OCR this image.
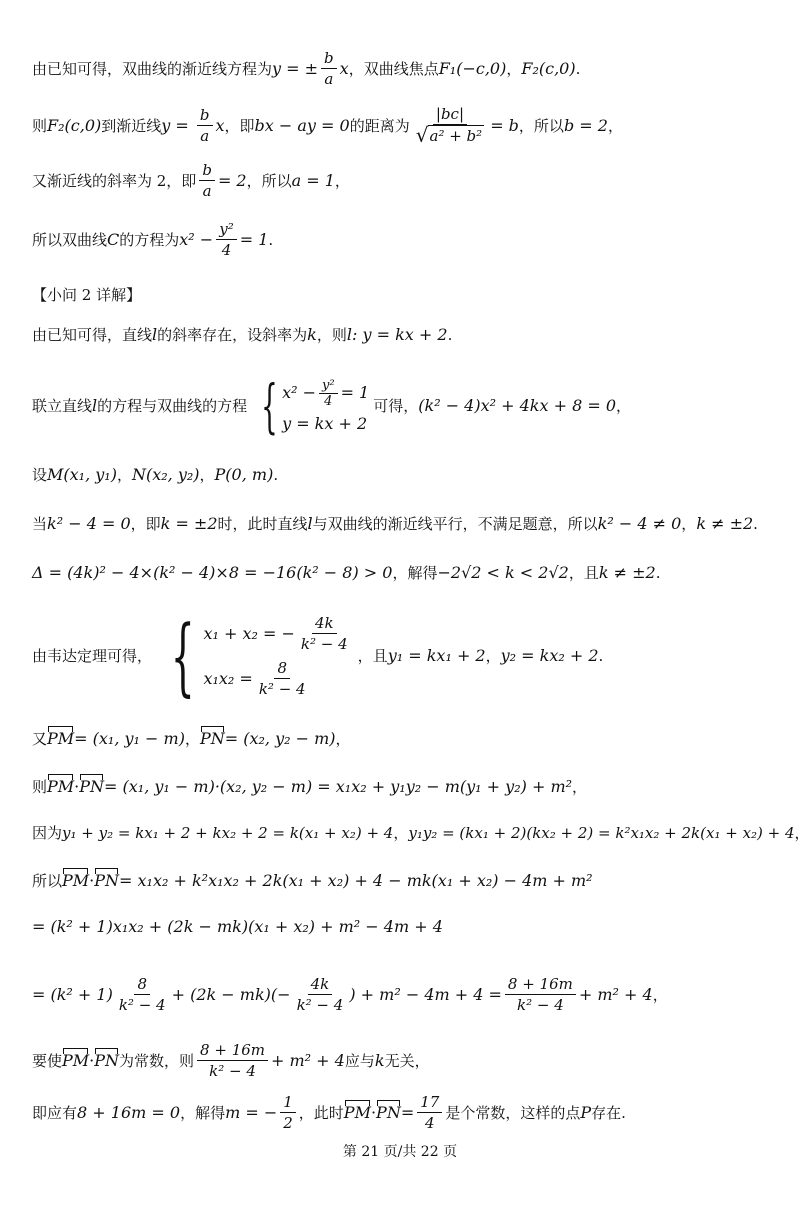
由已知可得，双曲线的渐近线方程为 y = ± $\frac{b}{a}$ x ，双曲线焦点 F₁(−c,0) ， F₂(c,0) .
则 F₂(c,0) 到渐近线 $y = \frac{b}{a}$ x ，即 bx − ay = 0 的距离为 $\frac{|bc|}{\text{√ a² + b²}} = b$ ，所以 b = 2 ，
又渐近线的斜率为 2，即 $\frac{b}{a} = 2$ ，所以 a = 1 ，
所以双曲线 C 的方程为 $x^2 - \frac{\text{y²}}{4} = 1$ .
【小问 2 详解】
由已知可得，直线 l 的斜率存在，设斜率为 k ，则 l: y = kx + 2 .
联立直线 l 的方程与双曲线的方程 { $x^2 - \frac{\text{y²}}{4} = 1$
y = kx + 2
可得， (k² − 4)x² + 4kx + 8 = 0 ，
设 M(x₁, y₁) ， N(x₂, y₂) ， P(0, m) .
当 k² − 4 = 0 ，即 k = ±2 时，此时直线 l 与双曲线的渐近线平行，不满足题意，所以 k² − 4 ≠ 0 ， k ≠ ±2 .
Δ = (4k)² − 4×(k² − 4)×8 = −16(k² − 8) > 0 ，解得 −2√2 < k < 2√2 ，且 k ≠ ±2 .
由韦达定理可得， { x₁ + x₂ = − $\frac{4k}{\text{k² − 4}}$
$x_1x_2 = \frac{8}{\text{k² − 4}}$
，且 y₁ = kx₁ + 2 ， y₂ = kx₂ + 2 .
又 PM = (x₁, y₁ − m) ， PN = (x₂, y₂ − m) ，
则 PM · PN = (x₁, y₁ − m)·(x₂, y₂ − m) = x₁x₂ + y₁y₂ − m(y₁ + y₂) + m² ，
因为 y₁ + y₂ = kx₁ + 2 + kx₂ + 2 = k(x₁ + x₂) + 4 ， y₁y₂ = (kx₁ + 2)(kx₂ + 2) = k²x₁x₂ + 2k(x₁ + x₂) + 4 ，
所以 PM · PN = x₁x₂ + k²x₁x₂ + 2k(x₁ + x₂) + 4 − mk(x₁ + x₂) − 4m + m²
= (k² + 1)x₁x₂ + (2k − mk)(x₁ + x₂) + m² − 4m + 4
= $(k^2 + 1) \frac{8}{\text{k² − 4}} + (2k - mk)(- \frac{4k}{\text{k² − 4}}$ ) + $m^2 - 4m + 4 = \frac{8 + 16m}{\text{k² − 4}} + m^2 + 4$ ，
要使 PM · PN 为常数，则 $\frac{8 + 16m}{\text{k² − 4}} + m^2 + 4$ 应与 k 无关，
即应有 8 + 16m = 0 ，解得 m = − $\frac{1}{2}$ ，此时 PM · PN = $\frac{17}{4}$ 是个常数，这样的点 P 存在.
第 21 页/共 22 页
